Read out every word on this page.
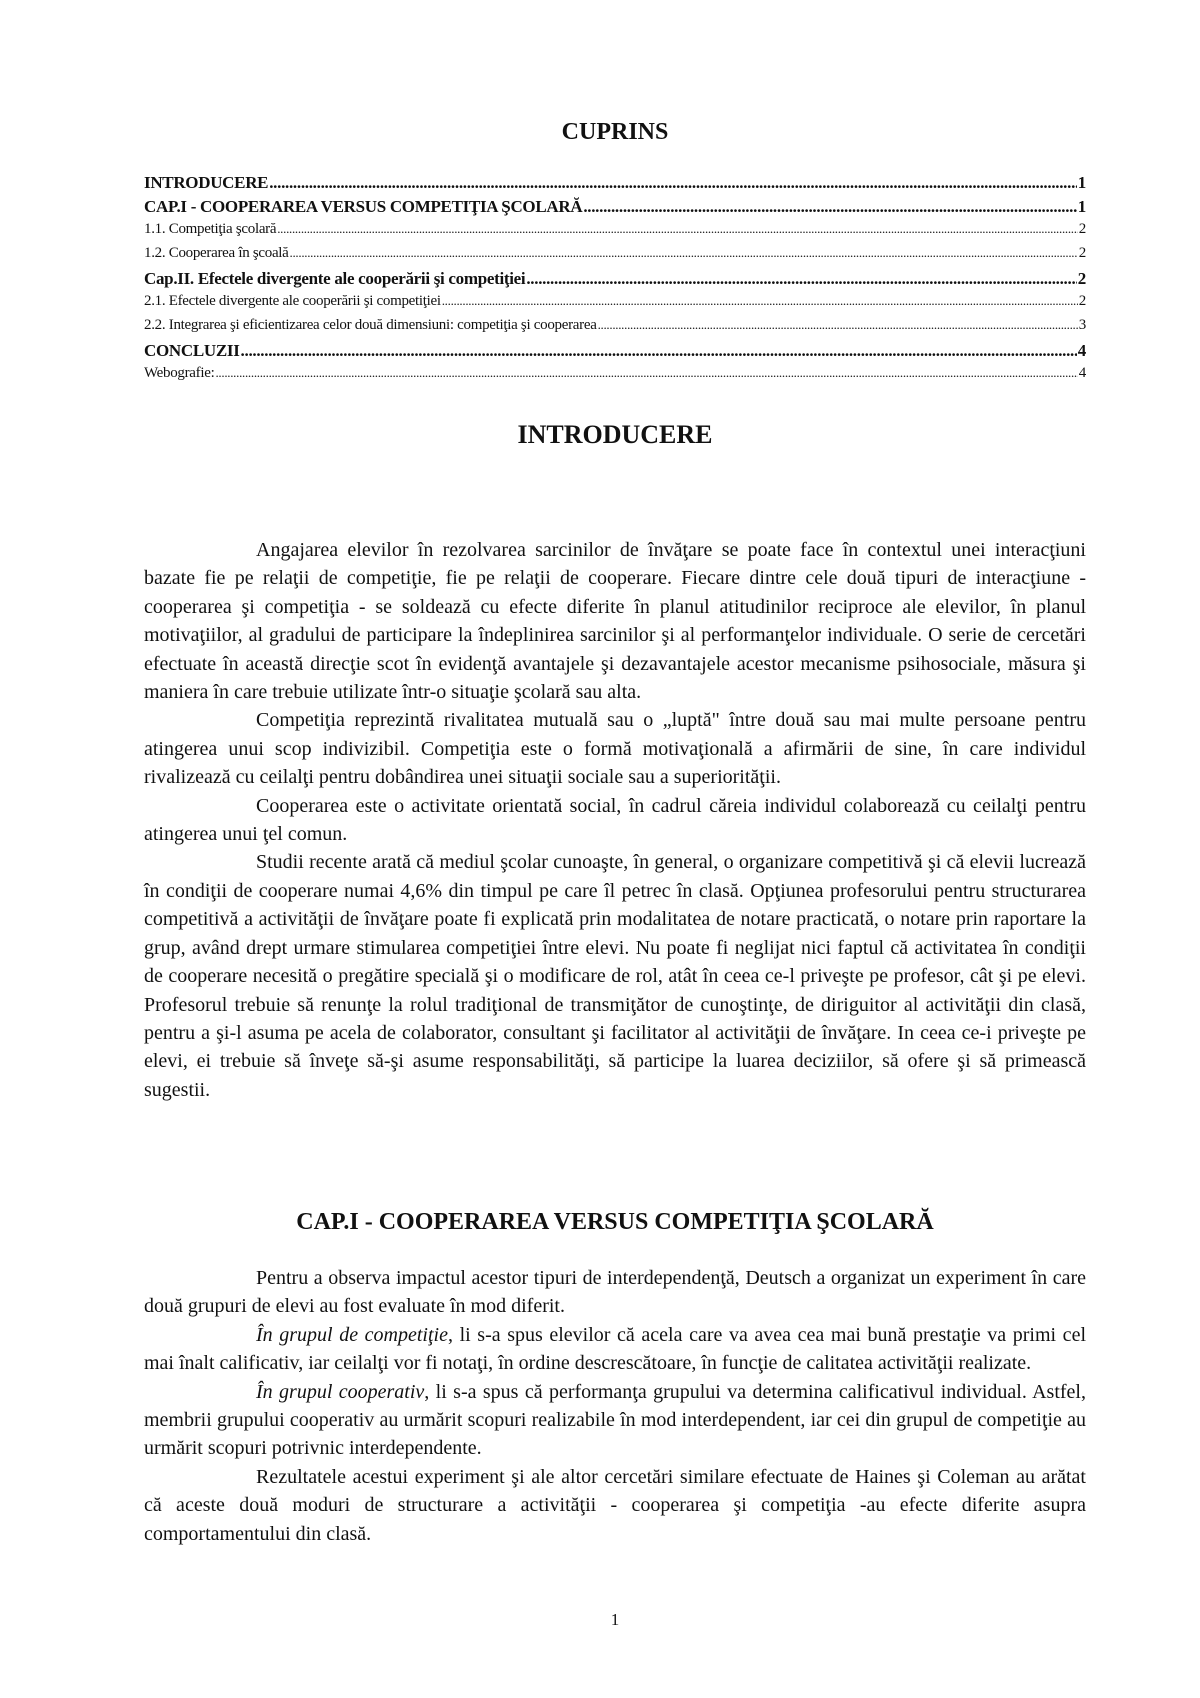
CUPRINS
INTRODUCERE .....	1
CAP.I - COOPERAREA VERSUS COMPETIŢIA ŞCOLARĂ .....	1
1.1. Competiţia şcolară .....	2
1.2. Cooperarea în şcoală .....	2
Cap.II. Efectele divergente ale cooperării şi competiţiei .....	2
2.1. Efectele divergente ale cooperării şi competiţiei .....	2
2.2. Integrarea şi eficientizarea celor două dimensiuni: competiţia şi cooperarea .....	3
CONCLUZII .....	4
Webografie: .....	4
INTRODUCERE

Angajarea elevilor în rezolvarea sarcinilor de învăţare se poate face în contextul unei interacţiuni bazate fie pe relaţii de competiţie, fie pe relaţii de cooperare. Fiecare dintre cele două tipuri de interacţiune - cooperarea şi competiţia - se soldează cu efecte diferite în planul atitudinilor reciproce ale elevilor, în planul motivaţiilor, al gradului de participare la îndeplinirea sarcinilor şi al performanţelor individuale. O serie de cercetări efectuate în această direcţie scot în evidenţă avantajele şi dezavantajele acestor mecanisme psihosociale, măsura şi maniera în care trebuie utilizate într-o situaţie şcolară sau alta.

Competiţia reprezintă rivalitatea mutuală sau o „luptă" între două sau mai multe persoane pentru atingerea unui scop indivizibil. Competiţia este o formă motivaţională a afirmării de sine, în care individul rivalizează cu ceilalţi pentru dobândirea unei situaţii sociale sau a superiorităţii.

Cooperarea este o activitate orientată social, în cadrul căreia individul colaborează cu ceilalţi pentru atingerea unui ţel comun.

Studii recente arată că mediul şcolar cunoaşte, în general, o organizare competitivă şi că elevii lucrează în condiţii de cooperare numai 4,6% din timpul pe care îl petrec în clasă. Opţiunea profesorului pentru structurarea competitivă a activităţii de învăţare poate fi explicată prin modalitatea de notare practicată, o notare prin raportare la grup, având drept urmare stimularea competiţiei între elevi. Nu poate fi neglijat nici faptul că activitatea în condiţii de cooperare necesită o pregătire specială şi o modificare de rol, atât în ceea ce-l priveşte pe profesor, cât şi pe elevi. Profesorul trebuie să renunţe la rolul tradiţional de transmiţător de cunoştinţe, de diriguitor al activităţii din clasă, pentru a şi-l asuma pe acela de colaborator, consultant şi facilitator al activităţii de învăţare. In ceea ce-i priveşte pe elevi, ei trebuie să înveţe să-şi asume responsabilităţi, să participe la luarea deciziilor, să ofere şi să primească sugestii.

CAP.I - COOPERAREA VERSUS COMPETIŢIA ŞCOLARĂ

Pentru a observa impactul acestor tipuri de interdependenţă, Deutsch a organizat un experiment în care două grupuri de elevi au fost evaluate în mod diferit.

În grupul de competiţie, li s-a spus elevilor că acela care va avea cea mai bună prestaţie va primi cel mai înalt calificativ, iar ceilalţi vor fi notaţi, în ordine descrescătoare, în funcţie de calitatea activităţii realizate.

În grupul cooperativ, li s-a spus că performanţa grupului va determina calificativul individual. Astfel, membrii grupului cooperativ au urmărit scopuri realizabile în mod interdependent, iar cei din grupul de competiţie au urmărit scopuri potrivnic interdependente.

Rezultatele acestui experiment şi ale altor cercetări similare efectuate de Haines şi Coleman au arătat că aceste două moduri de structurare a activităţii - cooperarea şi competiţia -au efecte diferite asupra comportamentului din clasă.

1
